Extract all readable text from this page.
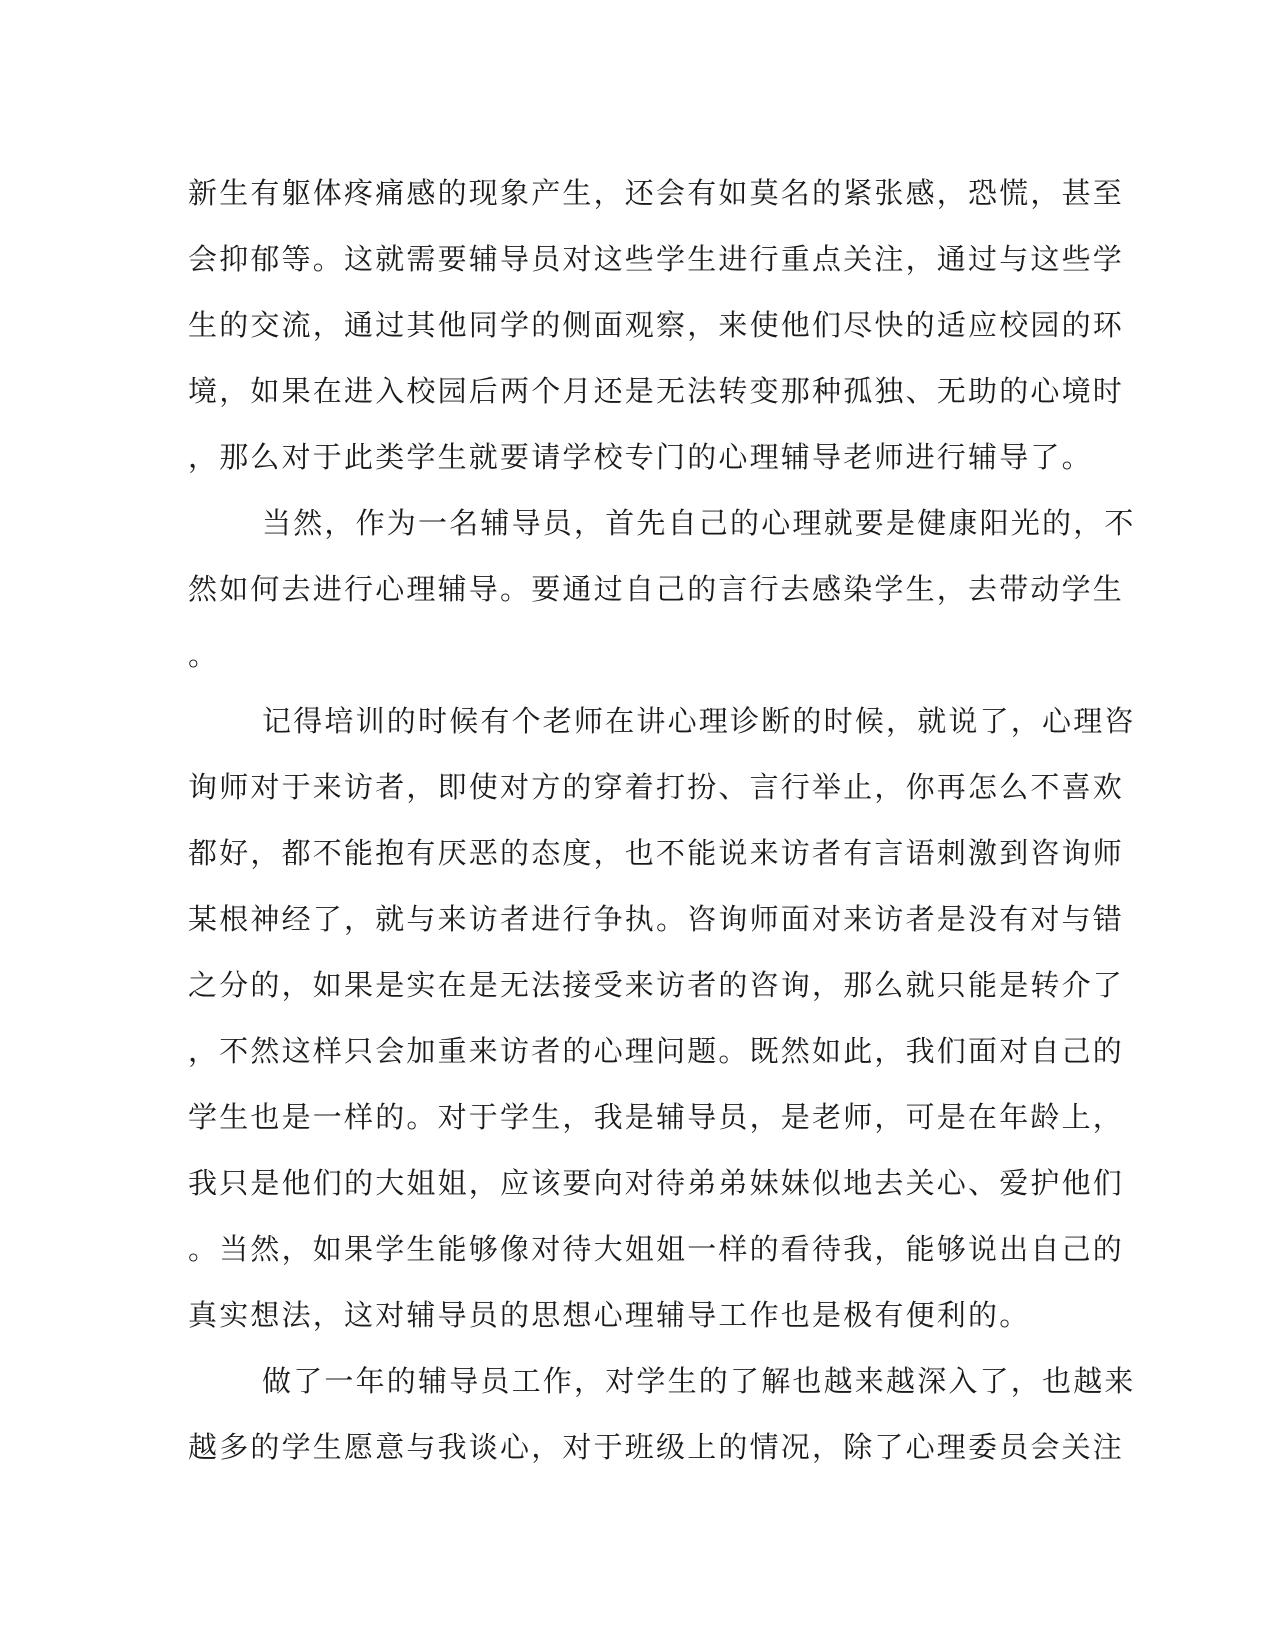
新生有躯体疼痛感的现象产生，还会有如莫名的紧张感，恐慌，甚至
会抑郁等。这就需要辅导员对这些学生进行重点关注，通过与这些学
生的交流，通过其他同学的侧面观察，来使他们尽快的适应校园的环
境，如果在进入校园后两个月还是无法转变那种孤独、无助的心境时
，那么对于此类学生就要请学校专门的心理辅导老师进行辅导了。
当然，作为一名辅导员，首先自己的心理就要是健康阳光的，不
然如何去进行心理辅导。要通过自己的言行去感染学生，去带动学生
。
记得培训的时候有个老师在讲心理诊断的时候，就说了，心理咨
询师对于来访者，即使对方的穿着打扮、言行举止，你再怎么不喜欢
都好，都不能抱有厌恶的态度，也不能说来访者有言语刺激到咨询师
某根神经了，就与来访者进行争执。咨询师面对来访者是没有对与错
之分的，如果是实在是无法接受来访者的咨询，那么就只能是转介了
，不然这样只会加重来访者的心理问题。既然如此，我们面对自己的
学生也是一样的。对于学生，我是辅导员，是老师，可是在年龄上，
我只是他们的大姐姐，应该要向对待弟弟妹妹似地去关心、爱护他们
。当然，如果学生能够像对待大姐姐一样的看待我，能够说出自己的
真实想法，这对辅导员的思想心理辅导工作也是极有便利的。
做了一年的辅导员工作，对学生的了解也越来越深入了，也越来
越多的学生愿意与我谈心，对于班级上的情况，除了心理委员会关注
